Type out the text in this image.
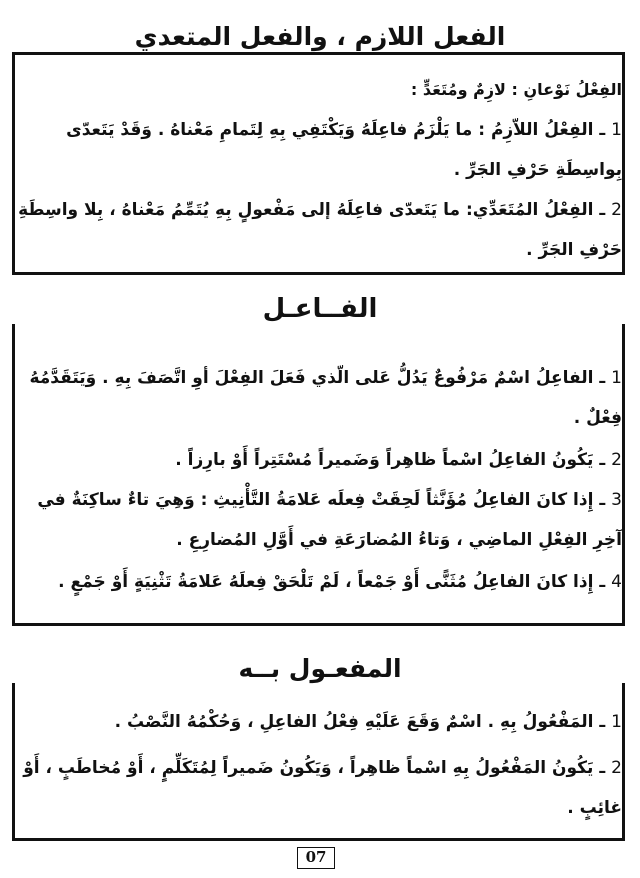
الفعل اللازم ، والفعل المتعدي
الفِعْلُ نَوْعانِ : لازِمٌ ومُتَعَدٍّ :
1ـ الفِعْلُ اللاّزِمُ : ما يَلْزَمُ فاعِلَهُ وَيَكْتَفِي بِهِ لِتَمامِ مَعْناهُ . وَقَدْ يَتَعدّى بِواسِطَةِ حَرْفِ الجَرِّ .
2ـ الفِعْلُ المُتَعَدِّي: ما يَتَعدّى فاعِلَهُ إلى مَفْعولٍ بِهِ يُتَمِّمُ مَعْناهُ ، بِلا واسِطَةِ حَرْفِ الجَرِّ .
الفــاعـل
1ـ الفاعِلُ اسْمٌ مَرْفُوعٌ يَدُلُّ عَلى الّذي فَعَلَ الفِعْلَ أوِ اتَّصَفَ بِهِ . وَيَتَقَدَّمُهُ فِعْلٌ .
2ـ يَكُونُ الفاعِلُ اسْماً ظاهِراً وَضَميراً مُسْتَتِراً أَوْ بارِزاً .
3ـ إِذا كانَ الفاعِلُ مُؤَنَّثاً لَحِقَتْ فِعلَه عَلامَةُ التَّأْنِيثِ : وَهِيَ تاءٌ ساكِنَةٌ في آخِرِ الفِعْلِ الماضِي ، وَتاءُ المُضارَعَةِ في أَوَّلِ المُضارِعِ .
4ـ إِذا كانَ الفاعِلُ مُثَنًّى أَوْ جَمْعاً ، لَمْ تَلْحَقْ فِعلَهُ عَلامَةُ تَثْنِيَةٍ أَوْ جَمْعٍ .
المفعـول بــه
1ـ المَفْعُولُ بِهِ . اسْمٌ وَقَعَ عَلَيْهِ فِعْلُ الفاعِلِ ، وَحُكْمُهُ النَّصْبُ .
2ـ يَكُونُ المَفْعُولُ بِهِ اسْماً ظاهِراً ، وَيَكُونُ ضَميراً لِمُتَكَلِّمٍ ، أَوْ مُخاطَبٍ ، أَوْ غائِبٍ .
07
